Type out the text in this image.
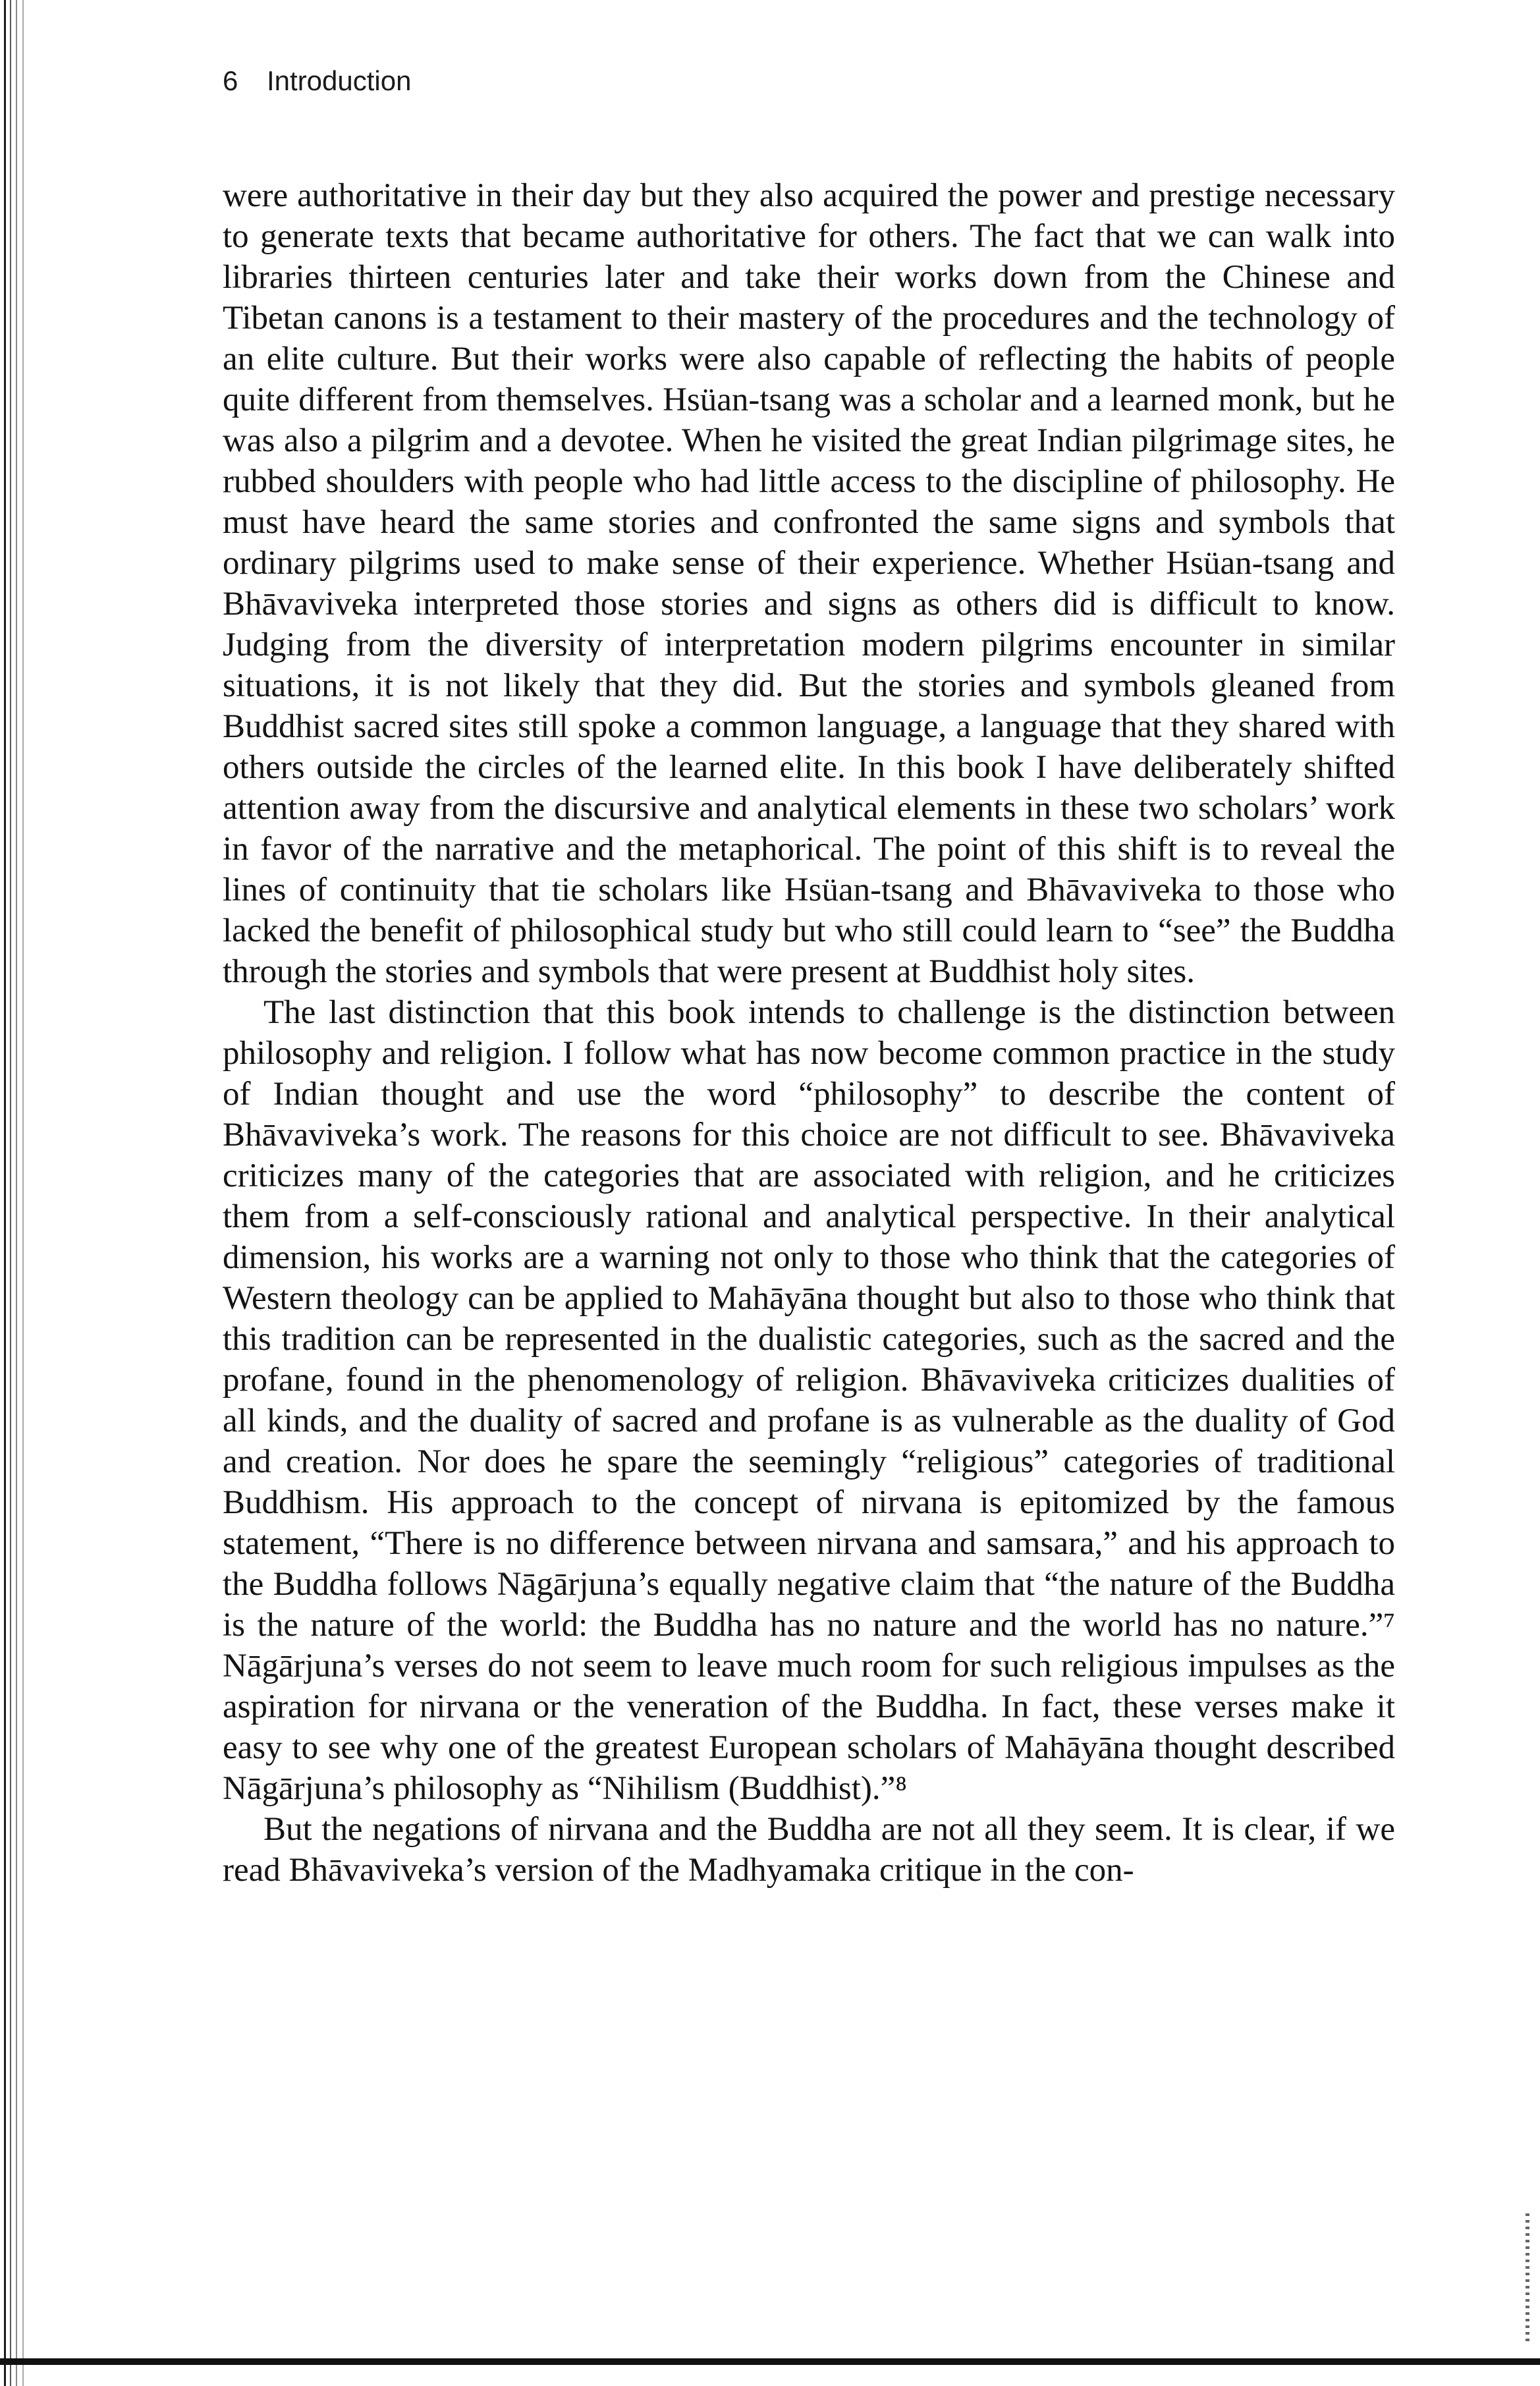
6 Introduction

were authoritative in their day but they also acquired the power and prestige necessary to generate texts that became authoritative for others. The fact that we can walk into libraries thirteen centuries later and take their works down from the Chinese and Tibetan canons is a testament to their mastery of the procedures and the technology of an elite culture. But their works were also capable of reflecting the habits of people quite different from themselves. Hsüan-tsang was a scholar and a learned monk, but he was also a pilgrim and a devotee. When he visited the great Indian pilgrimage sites, he rubbed shoulders with people who had little access to the discipline of philosophy. He must have heard the same stories and confronted the same signs and symbols that ordinary pilgrims used to make sense of their experience. Whether Hsüan-tsang and Bhāvaviveka interpreted those stories and signs as others did is difficult to know. Judging from the diversity of interpretation modern pilgrims encounter in similar situations, it is not likely that they did. But the stories and symbols gleaned from Buddhist sacred sites still spoke a common language, a language that they shared with others outside the circles of the learned elite. In this book I have deliberately shifted attention away from the discursive and analytical elements in these two scholars’ work in favor of the narrative and the metaphorical. The point of this shift is to reveal the lines of continuity that tie scholars like Hsüan-tsang and Bhāvaviveka to those who lacked the benefit of philosophical study but who still could learn to “see” the Buddha through the stories and symbols that were present at Buddhist holy sites.

The last distinction that this book intends to challenge is the distinction between philosophy and religion. I follow what has now become common practice in the study of Indian thought and use the word “philosophy” to describe the content of Bhāvaviveka’s work. The reasons for this choice are not difficult to see. Bhāvaviveka criticizes many of the categories that are associated with religion, and he criticizes them from a self-consciously rational and analytical perspective. In their analytical dimension, his works are a warning not only to those who think that the categories of Western theology can be applied to Mahāyāna thought but also to those who think that this tradition can be represented in the dualistic categories, such as the sacred and the profane, found in the phenomenology of religion. Bhāvaviveka criticizes dualities of all kinds, and the duality of sacred and profane is as vulnerable as the duality of God and creation. Nor does he spare the seemingly “religious” categories of traditional Buddhism. His approach to the concept of nirvana is epitomized by the famous statement, “There is no difference between nirvana and samsara,” and his approach to the Buddha follows Nāgārjuna’s equally negative claim that “the nature of the Buddha is the nature of the world: the Buddha has no nature and the world has no nature.”⁷ Nāgārjuna’s verses do not seem to leave much room for such religious impulses as the aspiration for nirvana or the veneration of the Buddha. In fact, these verses make it easy to see why one of the greatest European scholars of Mahāyāna thought described Nāgārjuna’s philosophy as “Nihilism (Buddhist).”⁸

But the negations of nirvana and the Buddha are not all they seem. It is clear, if we read Bhāvaviveka’s version of the Madhyamaka critique in the con-
